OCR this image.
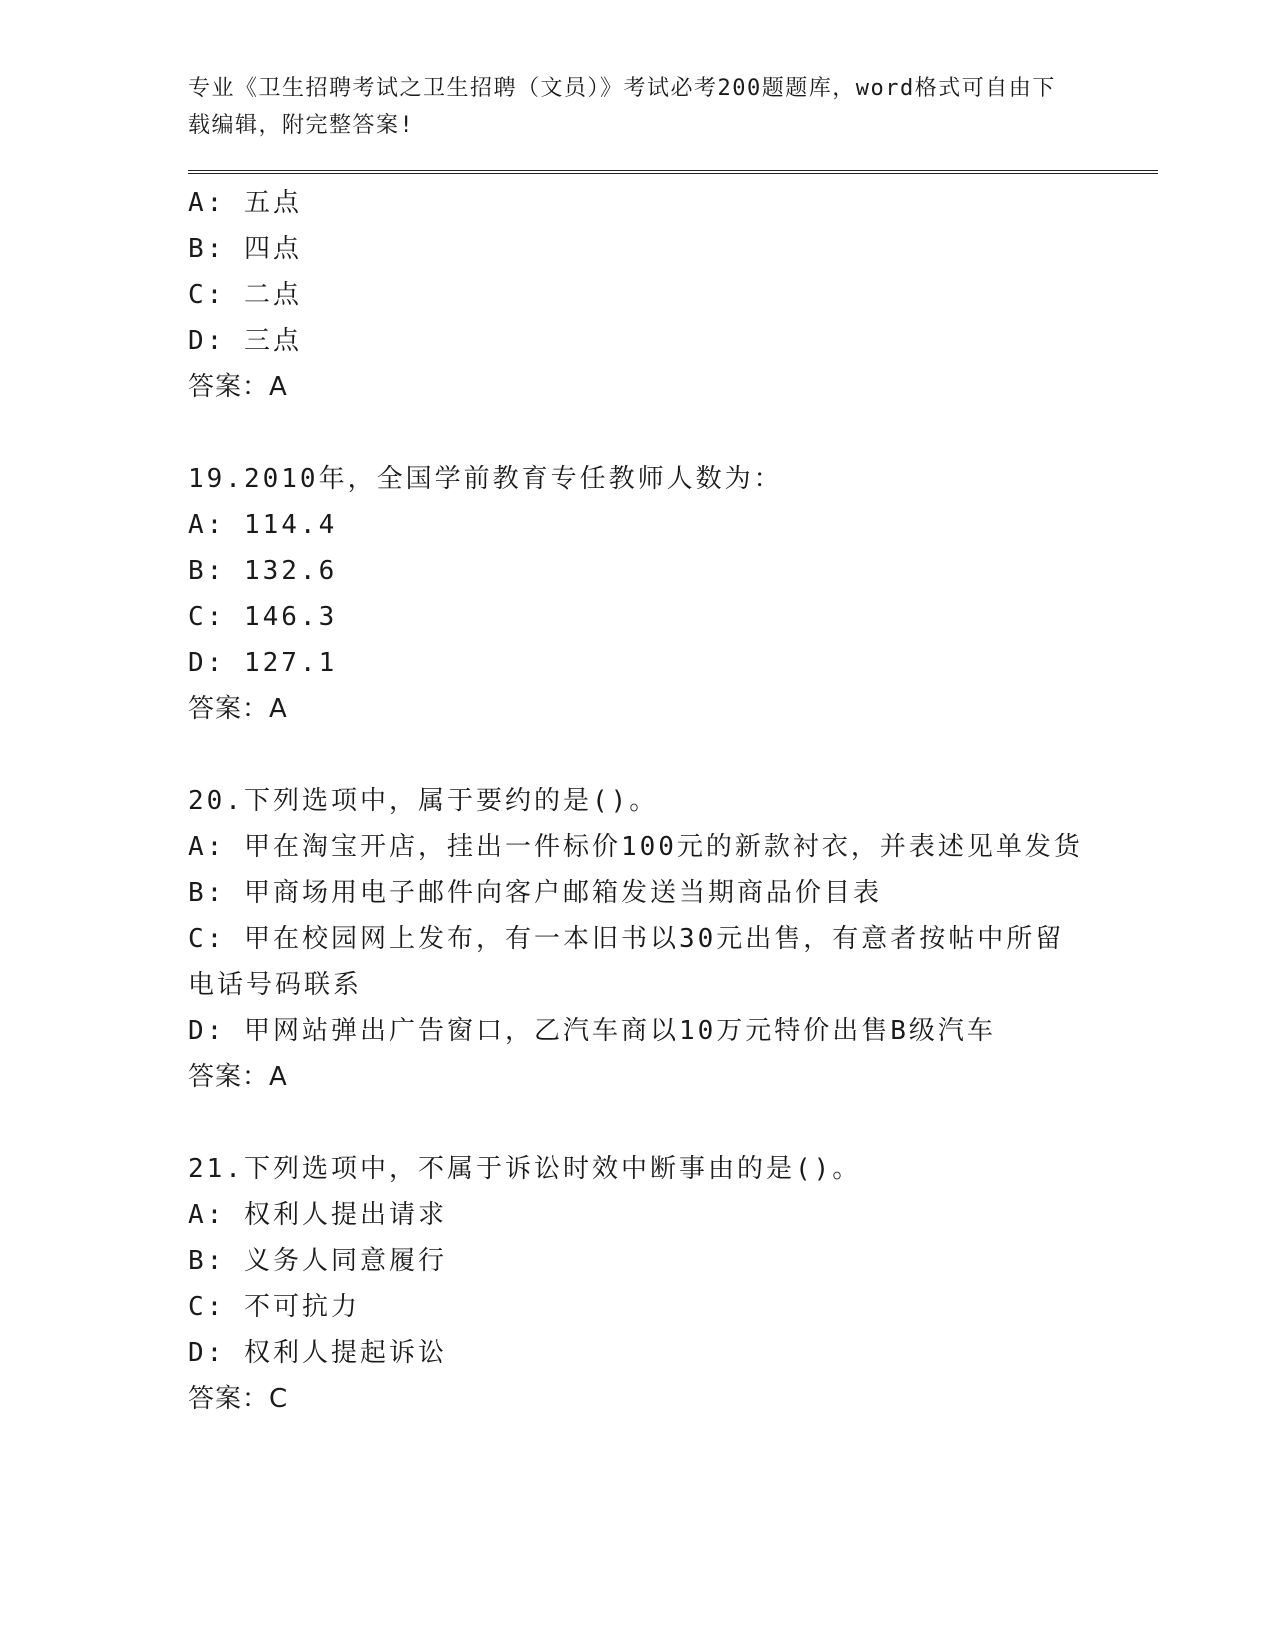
专业《卫生招聘考试之卫生招聘（文员）》考试必考200题题库，word格式可自由下载编辑，附完整答案!

A: 五点
B: 四点
C: 二点
D: 三点
答案：A
19.2010年，全国学前教育专任教师人数为：
A: 114.4
B: 132.6
C: 146.3
D: 127.1
答案：A
20.下列选项中，属于要约的是()。
A: 甲在淘宝开店，挂出一件标价100元的新款衬衣，并表述见单发货
B: 甲商场用电子邮件向客户邮箱发送当期商品价目表
C: 甲在校园网上发布，有一本旧书以30元出售，有意者按帖中所留电话号码联系
D: 甲网站弹出广告窗口，乙汽车商以10万元特价出售B级汽车
答案：A
21.下列选项中，不属于诉讼时效中断事由的是()。
A: 权利人提出请求
B: 义务人同意履行
C: 不可抗力
D: 权利人提起诉讼
答案：C
